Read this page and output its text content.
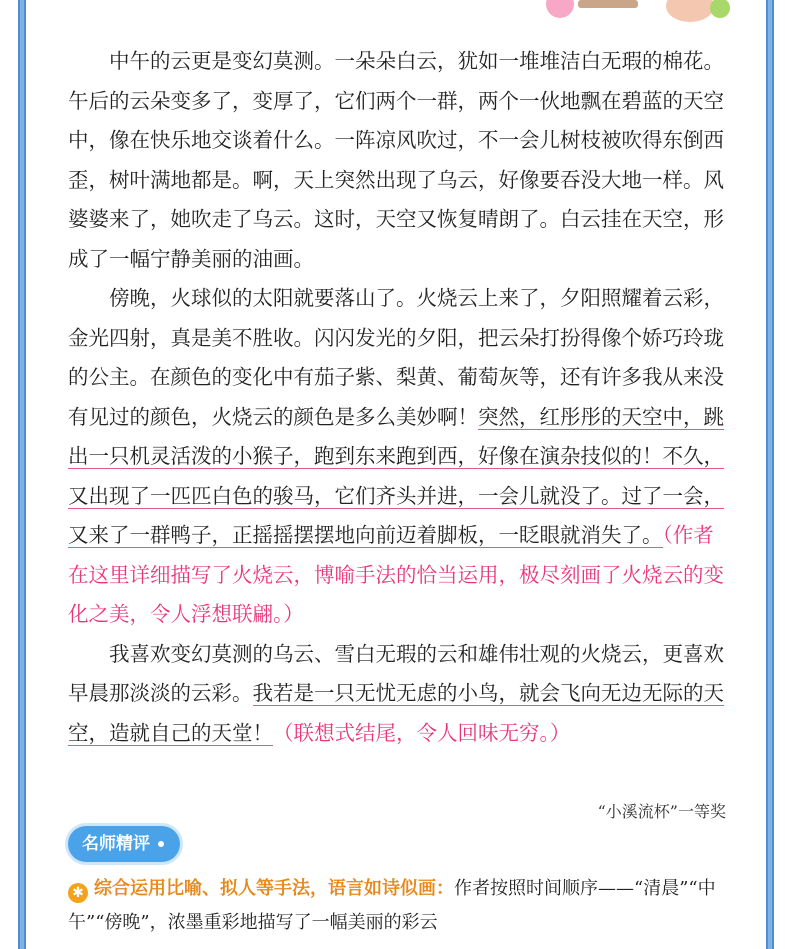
中午的云更是变幻莫测。一朵朵白云，犹如一堆堆洁白无瑕的棉花。午后的云朵变多了，变厚了，它们两个一群，两个一伙地飘在碧蓝的天空中，像在快乐地交谈着什么。一阵凉风吹过，不一会儿树枝被吹得东倒西歪，树叶满地都是。啊，天上突然出现了乌云，好像要吞没大地一样。风婆婆来了，她吹走了乌云。这时，天空又恢复晴朗了。白云挂在天空，形成了一幅宁静美丽的油画。

傍晚，火球似的太阳就要落山了。火烧云上来了，夕阳照耀着云彩，金光四射，真是美不胜收。闪闪发光的夕阳，把云朵打扮得像个娇巧玲珑的公主。在颜色的变化中有茄子紫、梨黄、葡萄灰等，还有许多我从来没有见过的颜色，火烧云的颜色是多么美妙啊！突然，红彤彤的天空中，跳出一只机灵活泼的小猴子，跑到东来跑到西，好像在演杂技似的！不久，又出现了一匹匹白色的骏马，它们齐头并进，一会儿就没了。过了一会，又来了一群鸭子，正摇摇摆摆地向前迈着脚板，一眨眼就消失了。（作者在这里详细描写了火烧云，博喻手法的恰当运用，极尽刻画了火烧云的变化之美，令人浮想联翩。）

我喜欢变幻莫测的乌云、雪白无瑕的云和雄伟壮观的火烧云，更喜欢早晨那淡淡的云彩。我若是一只无忧无虑的小鸟，就会飞向无边无际的天空，造就自己的天堂！（联想式结尾，令人回味无穷。）

“小溪流杯”一等奖
名师精评
✱ 综合运用比喻、拟人等手法，语言如诗似画：作者按照时间顺序——“清晨”“中午”“傍晚”，浓墨重彩地描写了一幅美丽的彩云
